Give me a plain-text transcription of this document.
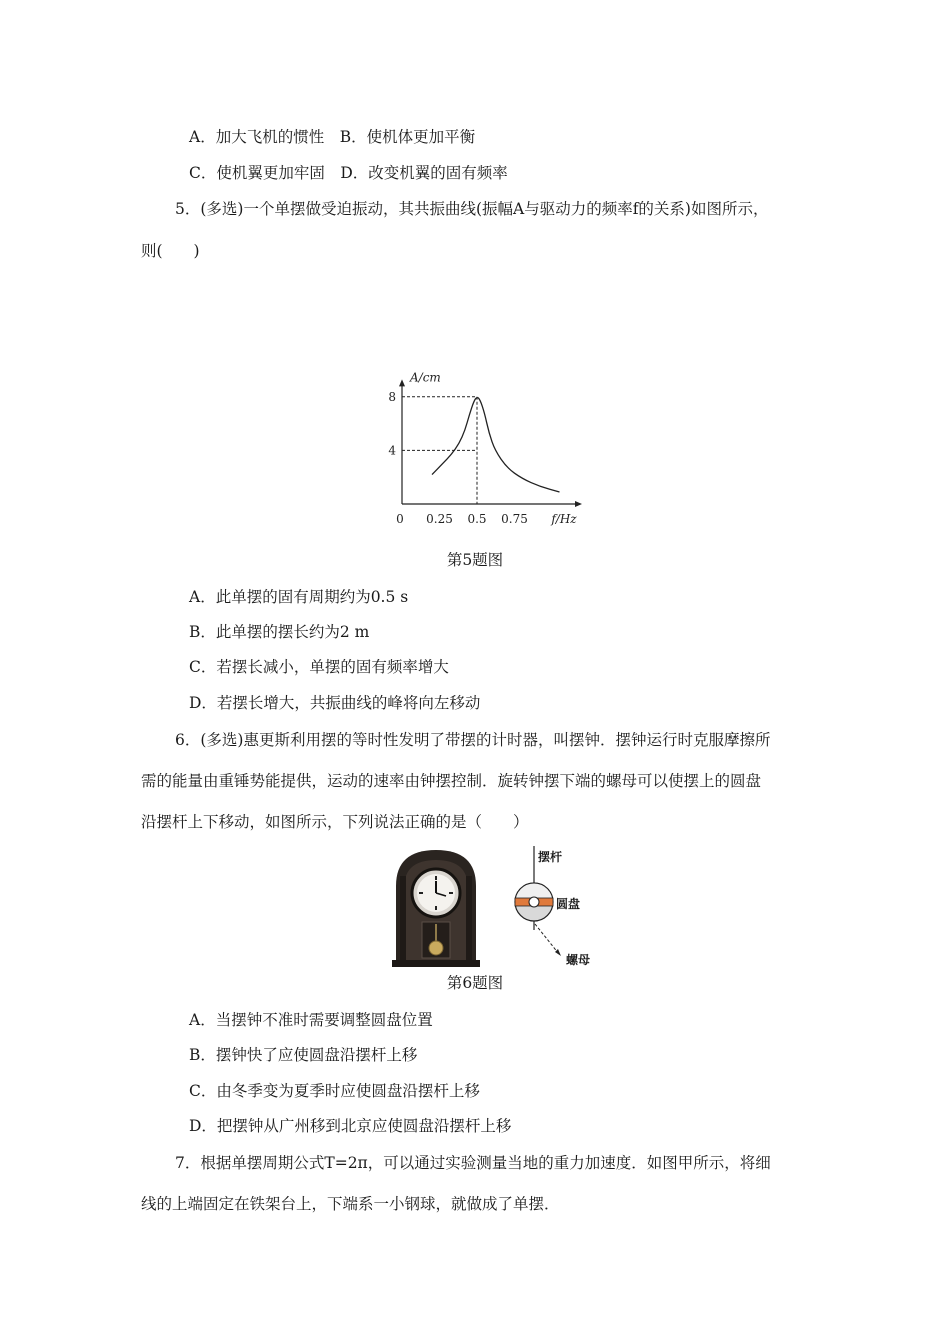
A．加大飞机的惯性　B．使机体更加平衡
C．使机翼更加牢固　D．改变机翼的固有频率
5．(多选)一个单摆做受迫振动，其共振曲线(振幅A与驱动力的频率f的关系)如图所示，
则(　　)
0 0.25 0.5 0.75
4
8
f/Hz
A/cm
第5题图
A．此单摆的固有周期约为0.5 s
B．此单摆的摆长约为2 m
C．若摆长减小，单摆的固有频率增大
D．若摆长增大，共振曲线的峰将向左移动
6．(多选)惠更斯利用摆的等时性发明了带摆的计时器，叫摆钟．摆钟运行时克服摩擦所
需的能量由重锤势能提供，运动的速率由钟摆控制．旋转钟摆下端的螺母可以使摆上的圆盘
沿摆杆上下移动，如图所示，下列说法正确的是（　　）
摆杆
圆盘
螺母
第6题图
A．当摆钟不准时需要调整圆盘位置
B．摆钟快了应使圆盘沿摆杆上移
C．由冬季变为夏季时应使圆盘沿摆杆上移
D．把摆钟从广州移到北京应使圆盘沿摆杆上移
7．根据单摆周期公式T=2π，可以通过实验测量当地的重力加速度．如图甲所示，将细
线的上端固定在铁架台上，下端系一小钢球，就做成了单摆．
